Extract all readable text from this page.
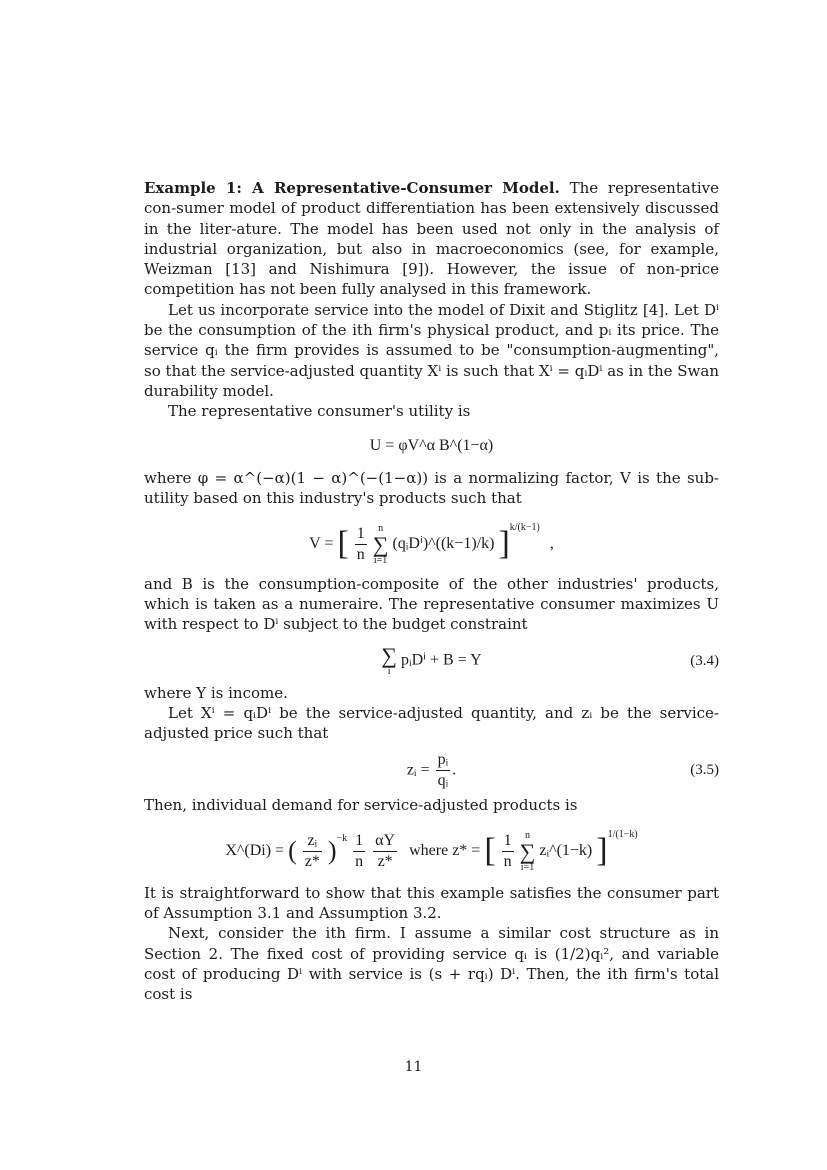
Example 1: A Representative-Consumer Model. The representative con-sumer model of product differentiation has been extensively discussed in the liter-ature. The model has been used not only in the analysis of industrial organization, but also in macroeconomics (see, for example, Weizman [13] and Nishimura [9]). However, the issue of non-price competition has not been fully analysed in this framework.

Let us incorporate service into the model of Dixit and Stiglitz [4]. Let Dⁱ be the consumption of the ith firm's physical product, and pᵢ its price. The service qᵢ the firm provides is assumed to be "consumption-augmenting", so that the service-adjusted quantity Xⁱ is such that Xⁱ = qᵢDⁱ as in the Swan durability model.

The representative consumer's utility is

U = φV^α B^(1−α)

where φ = α^(−α)(1 − α)^(−(1−α)) is a normalizing factor, V is the sub-utility based on this industry's products such that

V = [ $\frac{1}{n}$
n
∑
i=1
(qᵢDⁱ)^((k−1)/k) ]$^{k/(k-1)}$ ,

and B is the consumption-composite of the other industries' products, which is taken as a numeraire. The representative consumer maximizes U with respect to Dⁱ subject to the budget constraint

∑
i
pᵢDⁱ + B = Y	(3.4)

where Y is income.

Let Xⁱ = qᵢDⁱ be the service-adjusted quantity, and zᵢ be the service-adjusted price such that

zᵢ = $\frac{\text{pᵢ}}{\text{qᵢ}}$ .	(3.5)

Then, individual demand for service-adjusted products is

X^(Di) = ( $\frac{\text{zᵢ}}{z*} )^{-k} \frac{1}{n}$
$\frac{\alpha Y}{z*}$ where z* = [ $\frac{1}{n}$
n
∑
i=1
zᵢ^(1−k) ]$^{1/(1-k)}$

It is straightforward to show that this example satisfies the consumer part of Assumption 3.1 and Assumption 3.2.

Next, consider the ith firm. I assume a similar cost structure as in Section 2. The fixed cost of providing service qᵢ is (1/2)qᵢ², and variable cost of producing Dⁱ with service is (s + rqᵢ) Dⁱ. Then, the ith firm's total cost is

11
